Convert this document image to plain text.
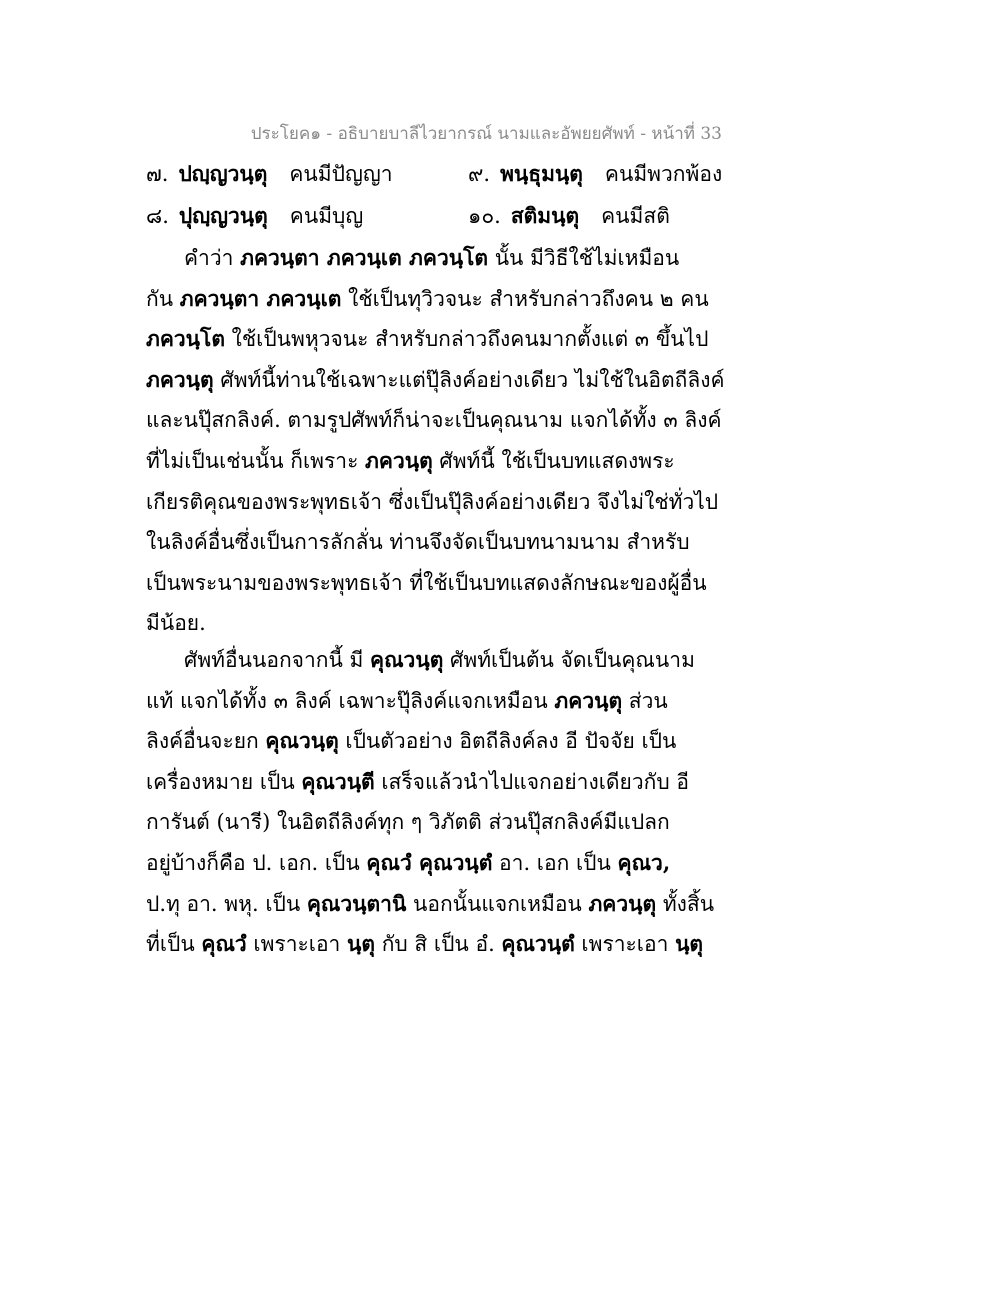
ประโยค๑ - อธิบายบาลีไวยากรณ์ นามและอัพยยศัพท์ - หน้าที่ 33
๗. ปญฺญวนฺตุ คนมีปัญญา	๙. พนฺธุมนฺตุ คนมีพวกพ้อง
๘. ปุญฺญวนฺตุ คนมีบุญ	๑๐. สติมนฺตุ คนมีสติ
คำว่า ภควนฺตา ภควนฺเต ภควนฺโต นั้น มีวิธีใช้ไม่เหมือน
กัน ภควนฺตา ภควนฺเต ใช้เป็นทุวิวจนะ สำหรับกล่าวถึงคน ๒ คน
ภควนฺโต ใช้เป็นพหุวจนะ สำหรับกล่าวถึงคนมากตั้งแต่ ๓ ขึ้นไป
ภควนฺตุ ศัพท์นี้ท่านใช้เฉพาะแต่ปุ๊ลิงค์อย่างเดียว ไม่ใช้ในอิตถีลิงค์
และนปุ๊สกลิงค์. ตามรูปศัพท์ก็น่าจะเป็นคุณนาม แจกได้ทั้ง ๓ ลิงค์
ที่ไม่เป็นเช่นนั้น ก็เพราะ ภควนฺตุ ศัพท์นี้ ใช้เป็นบทแสดงพระ
เกียรติคุณของพระพุทธเจ้า ซึ่งเป็นปุ๊ลิงค์อย่างเดียว จึงไม่ใช่ทั่วไป
ในลิงค์อื่นซึ่งเป็นการลักลั่น ท่านจึงจัดเป็นบทนามนาม สำหรับ
เป็นพระนามของพระพุทธเจ้า ที่ใช้เป็นบทแสดงลักษณะของผู้อื่น
มีน้อย.
ศัพท์อื่นนอกจากนี้ มี คุณวนฺตุ ศัพท์เป็นต้น จัดเป็นคุณนาม
แท้ แจกได้ทั้ง ๓ ลิงค์ เฉพาะปุ๊ลิงค์แจกเหมือน ภควนฺตุ ส่วน
ลิงค์อื่นจะยก คุณวนฺตุ เป็นตัวอย่าง อิตถีลิงค์ลง อี ปัจจัย เป็น
เครื่องหมาย เป็น คุณวนฺตี เสร็จแล้วนำไปแจกอย่างเดียวกับ อี
การันต์ (นารี) ในอิตถีลิงค์ทุก ๆ วิภัตติ ส่วนปุ๊สกลิงค์มีแปลก
อยู่บ้างก็คือ ป. เอก. เป็น คุณวํ คุณวนฺตํ อา. เอก เป็น คุณว,
ป.ทุ อา. พหุ. เป็น คุณวนฺตานิ นอกนั้นแจกเหมือน ภควนฺตุ ทั้งสิ้น
ที่เป็น คุณวํ เพราะเอา นฺตุ กับ สิ เป็น อํ. คุณวนฺตํ เพราะเอา นฺตุ
